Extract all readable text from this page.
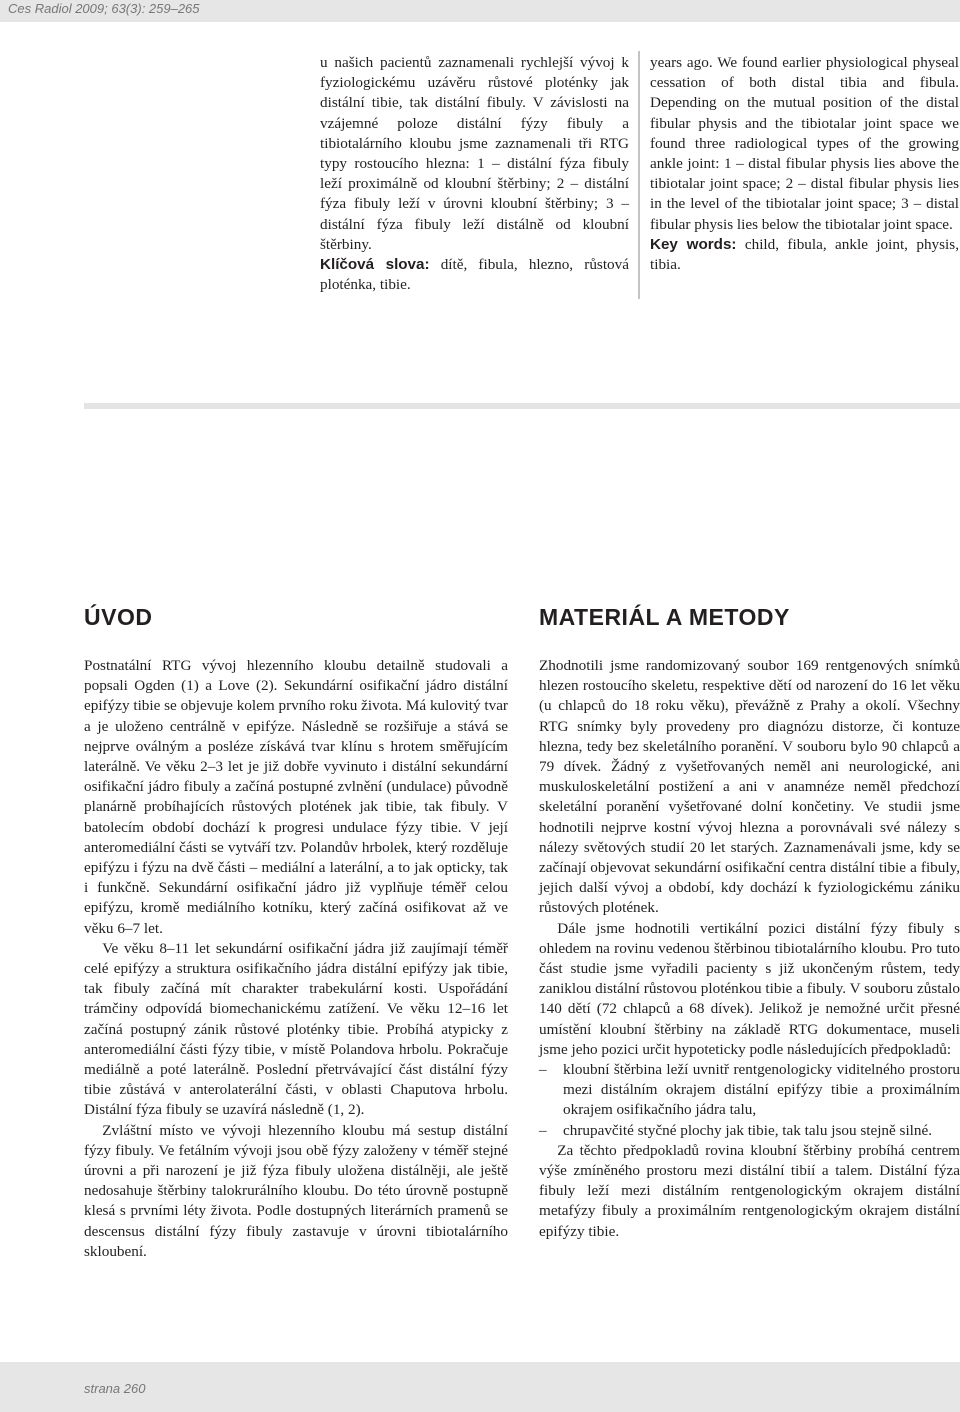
Ces Radiol 2009; 63(3): 259–265

u našich pacientů zaznamenali rychlejší vývoj k fyziologickému uzávěru růstové ploténky jak distální tibie, tak distální fibuly. V závislosti na vzájemné poloze distální fýzy fibuly a tibiotalárního kloubu jsme zaznamenali tři RTG typy rostoucího hlezna: 1 – distální fýza fibuly leží proximálně od kloubní štěrbiny; 2 – distální fýza fibuly leží v úrovni kloubní štěrbiny; 3 – distální fýza fibuly leží distálně od kloubní štěrbiny.

Klíčová slova: dítě, fibula, hlezno, růstová ploténka, tibie.

years ago. We found earlier physiological physeal cessation of both distal tibia and fibula. Depending on the mutual position of the distal fibular physis and the tibiotalar joint space we found three radiological types of the growing ankle joint: 1 – distal fibular physis lies above the tibiotalar joint space; 2 – distal fibular physis lies in the level of the tibiotalar joint space; 3 – distal fibular physis lies below the tibiotalar joint space.

Key words: child, fibula, ankle joint, physis, tibia.

ÚVOD	MATERIÁL A METODY

Postnatální RTG vývoj hlezenního kloubu detailně studovali a popsali Ogden (1) a Love (2). Sekundární osifikační jádro distální epifýzy tibie se objevuje kolem prvního roku života. Má kulovitý tvar a je uloženo centrálně v epifýze. Následně se rozšiřuje a stává se nejprve oválným a posléze získává tvar klínu s hrotem směřujícím laterálně. Ve věku 2–3 let je již dobře vyvinuto i distální sekundární osifikační jádro fibuly a začíná postupné zvlnění (undulace) původně planárně probíhajících růstových plotének jak tibie, tak fibuly. V batolecím období dochází k progresi undulace fýzy tibie. V její anteromediální části se vytváří tzv. Polandův hrbolek, který rozděluje epifýzu i fýzu na dvě části – mediální a laterální, a to jak opticky, tak i funkčně. Sekundární osifikační jádro již vyplňuje téměř celou epifýzu, kromě mediálního kotníku, který začíná osifikovat až ve věku 6–7 let.

Ve věku 8–11 let sekundární osifikační jádra již zaujímají téměř celé epifýzy a struktura osifikačního jádra distální epifýzy jak tibie, tak fibuly začíná mít charakter trabekulární kosti. Uspořádání trámčiny odpovídá biomechanickému zatížení. Ve věku 12–16 let začíná postupný zánik růstové ploténky tibie. Probíhá atypicky z anteromediální části fýzy tibie, v místě Polandova hrbolu. Pokračuje mediálně a poté laterálně. Poslední přetrvávající část distální fýzy tibie zůstává v anterolaterální části, v oblasti Chaputova hrbolu. Distální fýza fibuly se uzavírá následně (1, 2).

Zvláštní místo ve vývoji hlezenního kloubu má sestup distální fýzy fibuly. Ve fetálním vývoji jsou obě fýzy založeny v téměř stejné úrovni a při narození je již fýza fibuly uložena distálněji, ale ještě nedosahuje štěrbiny talokrurálního kloubu. Do této úrovně postupně klesá s prvními léty života. Podle dostupných literárních pramenů se descensus distální fýzy fibuly zastavuje v úrovni tibiotalárního skloubení.

Zhodnotili jsme randomizovaný soubor 169 rentgenových snímků hlezen rostoucího skeletu, respektive dětí od narození do 16 let věku (u chlapců do 18 roku věku), převážně z Prahy a okolí. Všechny RTG snímky byly provedeny pro diagnózu distorze, či kontuze hlezna, tedy bez skeletálního poranění. V souboru bylo 90 chlapců a 79 dívek. Žádný z vyšetřovaných neměl ani neurologické, ani muskuloskeletální postižení a ani v anamnéze neměl předchozí skeletální poranění vyšetřované dolní končetiny. Ve studii jsme hodnotili nejprve kostní vývoj hlezna a porovnávali své nálezy s nálezy světových studií 20 let starých. Zaznamenávali jsme, kdy se začínají objevovat sekundární osifikační centra distální tibie a fibuly, jejich další vývoj a období, kdy dochází k fyziologickému zániku růstových plotének.

Dále jsme hodnotili vertikální pozici distální fýzy fibuly s ohledem na rovinu vedenou štěrbinou tibiotalárního kloubu. Pro tuto část studie jsme vyřadili pacienty s již ukončeným růstem, tedy zaniklou distální růstovou ploténkou tibie a fibuly. V souboru zůstalo 140 dětí (72 chlapců a 68 dívek). Jelikož je nemožné určit přesné umístění kloubní štěrbiny na základě RTG dokumentace, museli jsme jeho pozici určit hypoteticky podle následujících předpokladů:

– kloubní štěrbina leží uvnitř rentgenologicky viditelného prostoru mezi distálním okrajem distální epifýzy tibie a proximálním okrajem osifikačního jádra talu,
– chrupavčité styčné plochy jak tibie, tak talu jsou stejně silné.

Za těchto předpokladů rovina kloubní štěrbiny probíhá centrem výše zmíněného prostoru mezi distální tibií a talem. Distální fýza fibuly leží mezi distálním rentgenologickým okrajem distální metafýzy fibuly a proximálním rentgenologickým okrajem distální epifýzy tibie.

strana 260
